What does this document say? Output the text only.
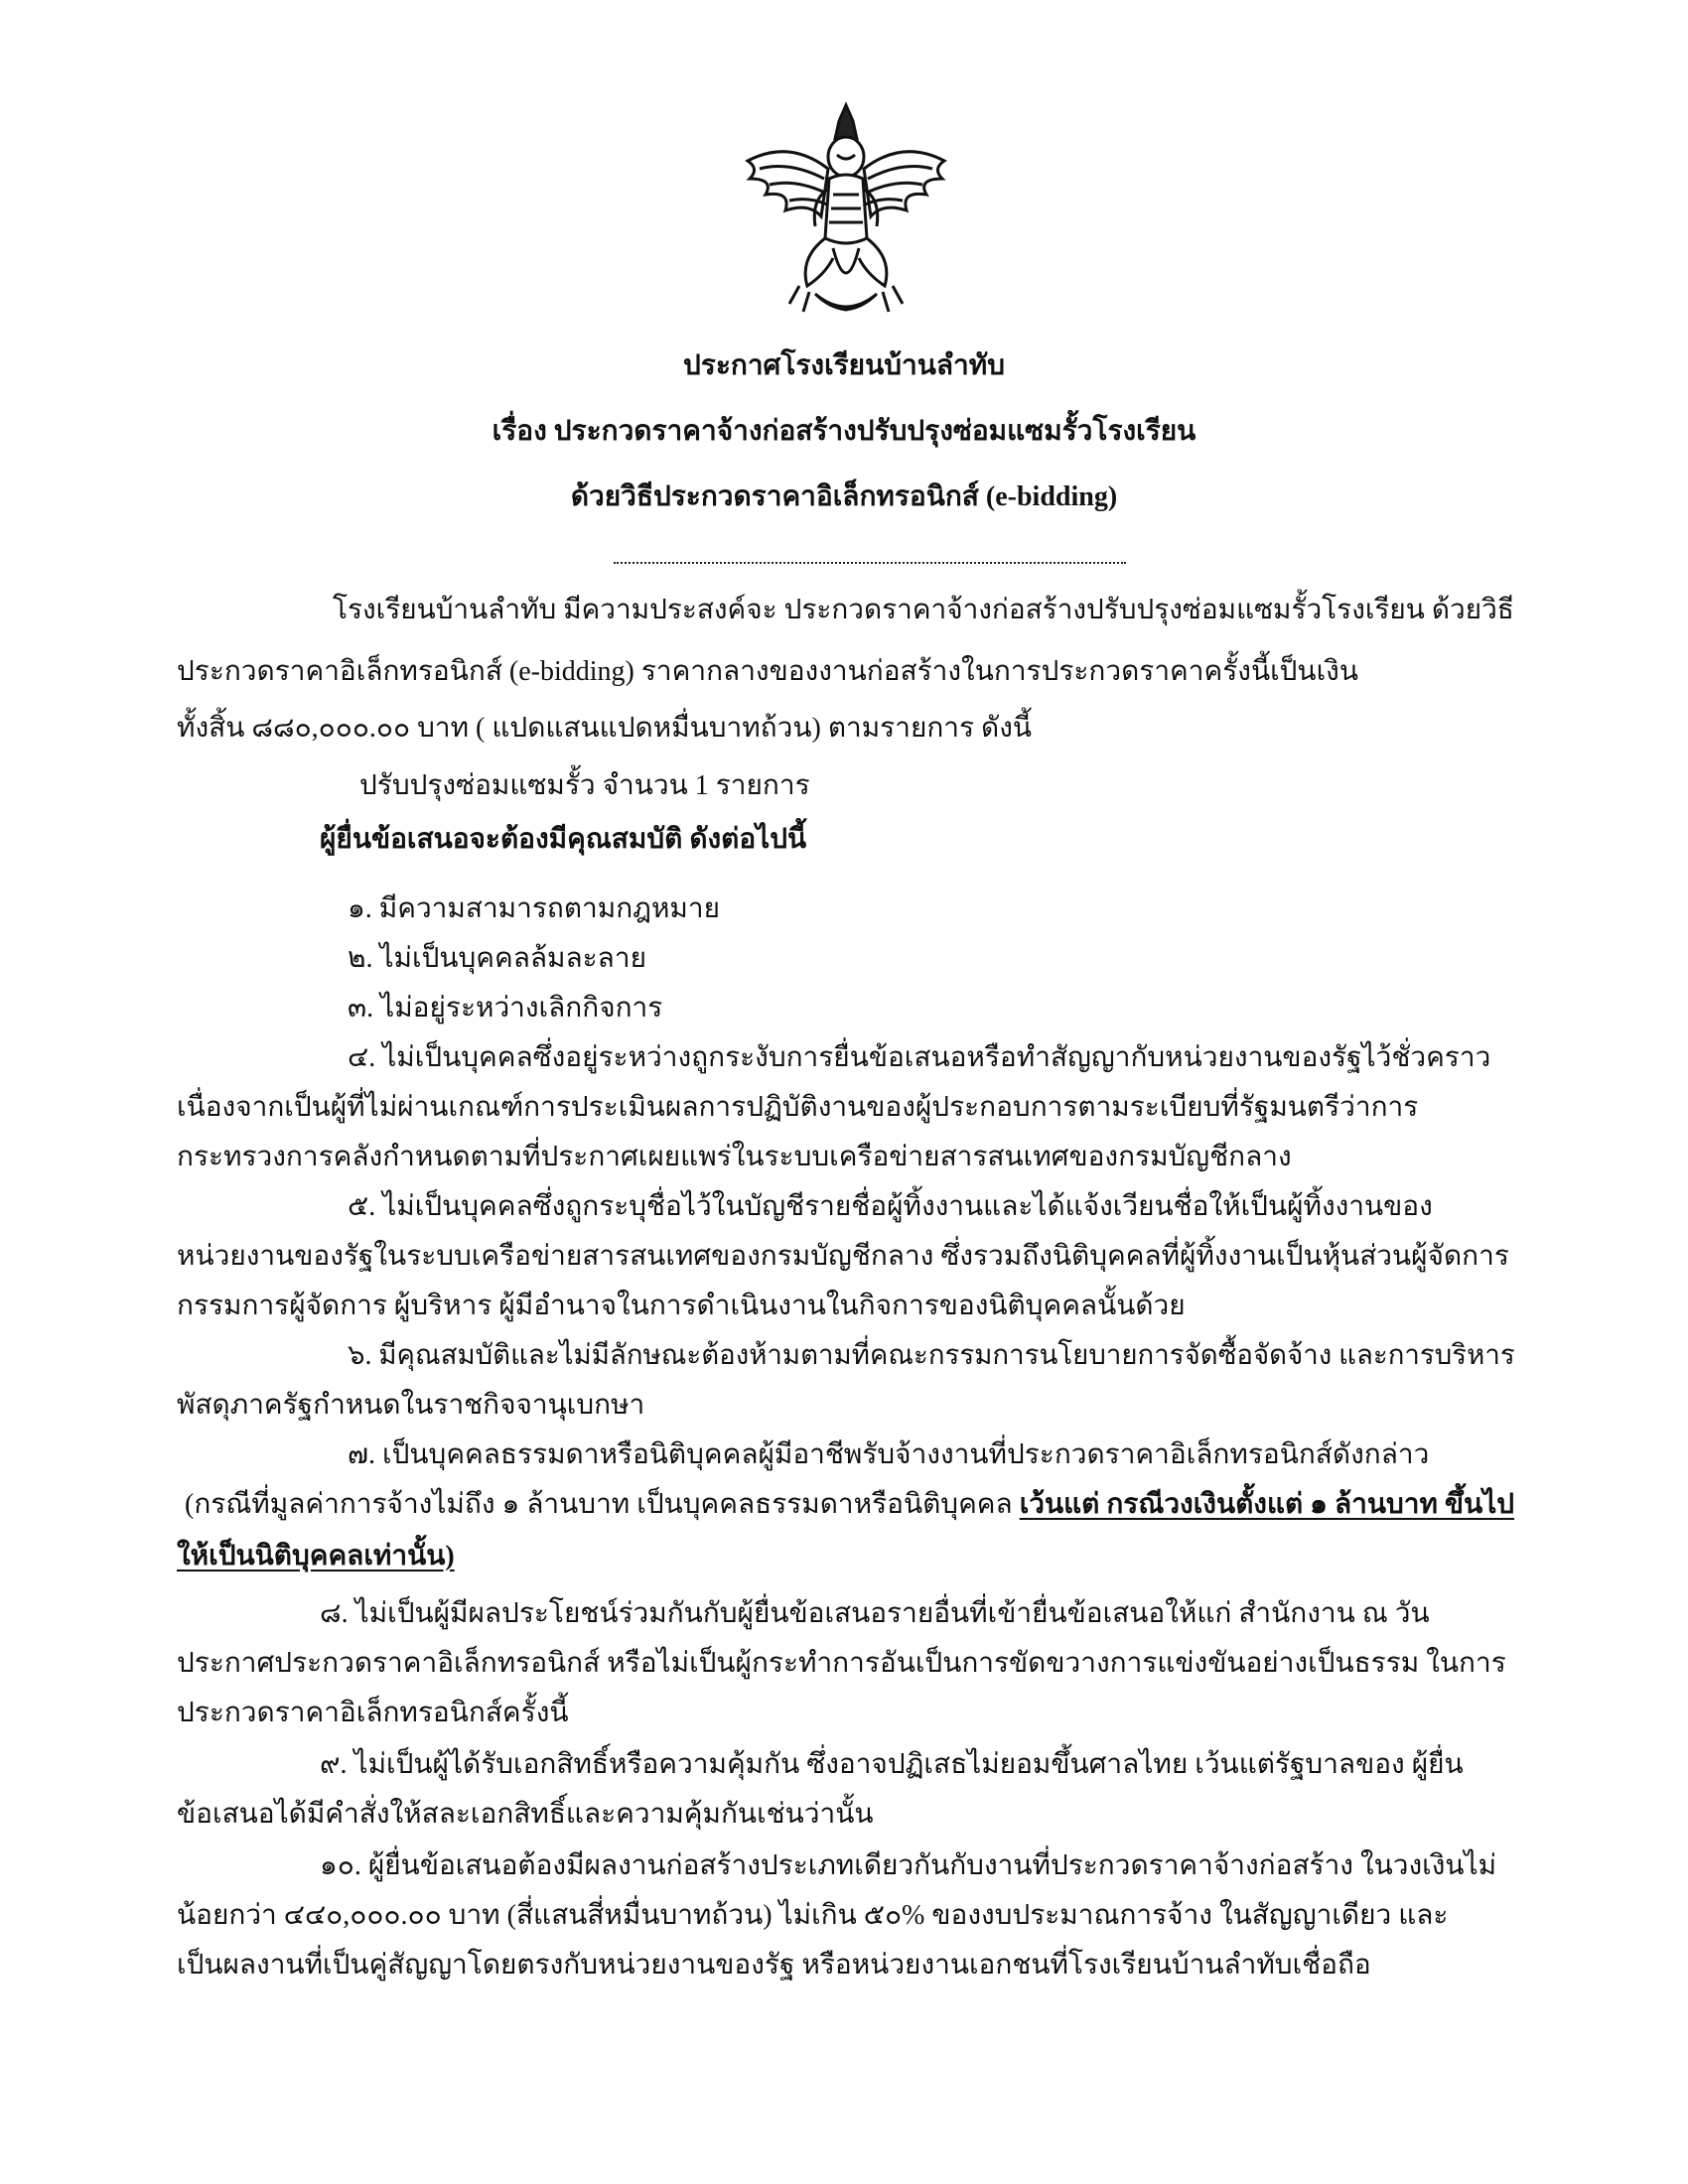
ประกาศโรงเรียนบ้านลำทับ
เรื่อง ประกวดราคาจ้างก่อสร้างปรับปรุงซ่อมแซมรั้วโรงเรียน
ด้วยวิธีประกวดราคาอิเล็กทรอนิกส์ (e-bidding)
โรงเรียนบ้านลำทับ มีความประสงค์จะ ประกวดราคาจ้างก่อสร้างปรับปรุงซ่อมแซมรั้วโรงเรียน ด้วยวิธี
ประกวดราคาอิเล็กทรอนิกส์ (e-bidding) ราคากลางของงานก่อสร้างในการประกวดราคาครั้งนี้เป็นเงิน
ทั้งสิ้น ๘๘๐,๐๐๐.๐๐ บาท ( แปดแสนแปดหมื่นบาทถ้วน) ตามรายการ ดังนี้
ปรับปรุงซ่อมแซมรั้ว จำนวน 1 รายการ
ผู้ยื่นข้อเสนอจะต้องมีคุณสมบัติ ดังต่อไปนี้
๑. มีความสามารถตามกฎหมาย
๒. ไม่เป็นบุคคลล้มละลาย
๓. ไม่อยู่ระหว่างเลิกกิจการ
๔. ไม่เป็นบุคคลซึ่งอยู่ระหว่างถูกระงับการยื่นข้อเสนอหรือทำสัญญากับหน่วยงานของรัฐไว้ชั่วคราว
เนื่องจากเป็นผู้ที่ไม่ผ่านเกณฑ์การประเมินผลการปฏิบัติงานของผู้ประกอบการตามระเบียบที่รัฐมนตรีว่าการ
กระทรวงการคลังกำหนดตามที่ประกาศเผยแพร่ในระบบเครือข่ายสารสนเทศของกรมบัญชีกลาง
๕. ไม่เป็นบุคคลซึ่งถูกระบุชื่อไว้ในบัญชีรายชื่อผู้ทิ้งงานและได้แจ้งเวียนชื่อให้เป็นผู้ทิ้งงานของ
หน่วยงานของรัฐในระบบเครือข่ายสารสนเทศของกรมบัญชีกลาง ซึ่งรวมถึงนิติบุคคลที่ผู้ทิ้งงานเป็นหุ้นส่วนผู้จัดการ
กรรมการผู้จัดการ ผู้บริหาร ผู้มีอำนาจในการดำเนินงานในกิจการของนิติบุคคลนั้นด้วย
๖. มีคุณสมบัติและไม่มีลักษณะต้องห้ามตามที่คณะกรรมการนโยบายการจัดซื้อจัดจ้าง และการบริหาร
พัสดุภาครัฐกำหนดในราชกิจจานุเบกษา
๗. เป็นบุคคลธรรมดาหรือนิติบุคคลผู้มีอาชีพรับจ้างงานที่ประกวดราคาอิเล็กทรอนิกส์ดังกล่าว
(กรณีที่มูลค่าการจ้างไม่ถึง ๑ ล้านบาท เป็นบุคคลธรรมดาหรือนิติบุคคล เว้นแต่ กรณีวงเงินตั้งแต่ ๑ ล้านบาท ขึ้นไป
ให้เป็นนิติบุคคลเท่านั้น)
๘. ไม่เป็นผู้มีผลประโยชน์ร่วมกันกับผู้ยื่นข้อเสนอรายอื่นที่เข้ายื่นข้อเสนอให้แก่ สำนักงาน ณ วัน
ประกาศประกวดราคาอิเล็กทรอนิกส์ หรือไม่เป็นผู้กระทำการอันเป็นการขัดขวางการแข่งขันอย่างเป็นธรรม ในการ
ประกวดราคาอิเล็กทรอนิกส์ครั้งนี้
๙. ไม่เป็นผู้ได้รับเอกสิทธิ์หรือความคุ้มกัน ซึ่งอาจปฏิเสธไม่ยอมขึ้นศาลไทย เว้นแต่รัฐบาลของ ผู้ยื่น
ข้อเสนอได้มีคำสั่งให้สละเอกสิทธิ์และความคุ้มกันเช่นว่านั้น
๑๐. ผู้ยื่นข้อเสนอต้องมีผลงานก่อสร้างประเภทเดียวกันกับงานที่ประกวดราคาจ้างก่อสร้าง ในวงเงินไม่
น้อยกว่า ๔๔๐,๐๐๐.๐๐ บาท (สี่แสนสี่หมื่นบาทถ้วน) ไม่เกิน ๕๐% ของงบประมาณการจ้าง ในสัญญาเดียว และ
เป็นผลงานที่เป็นคู่สัญญาโดยตรงกับหน่วยงานของรัฐ หรือหน่วยงานเอกชนที่โรงเรียนบ้านลำทับเชื่อถือ
